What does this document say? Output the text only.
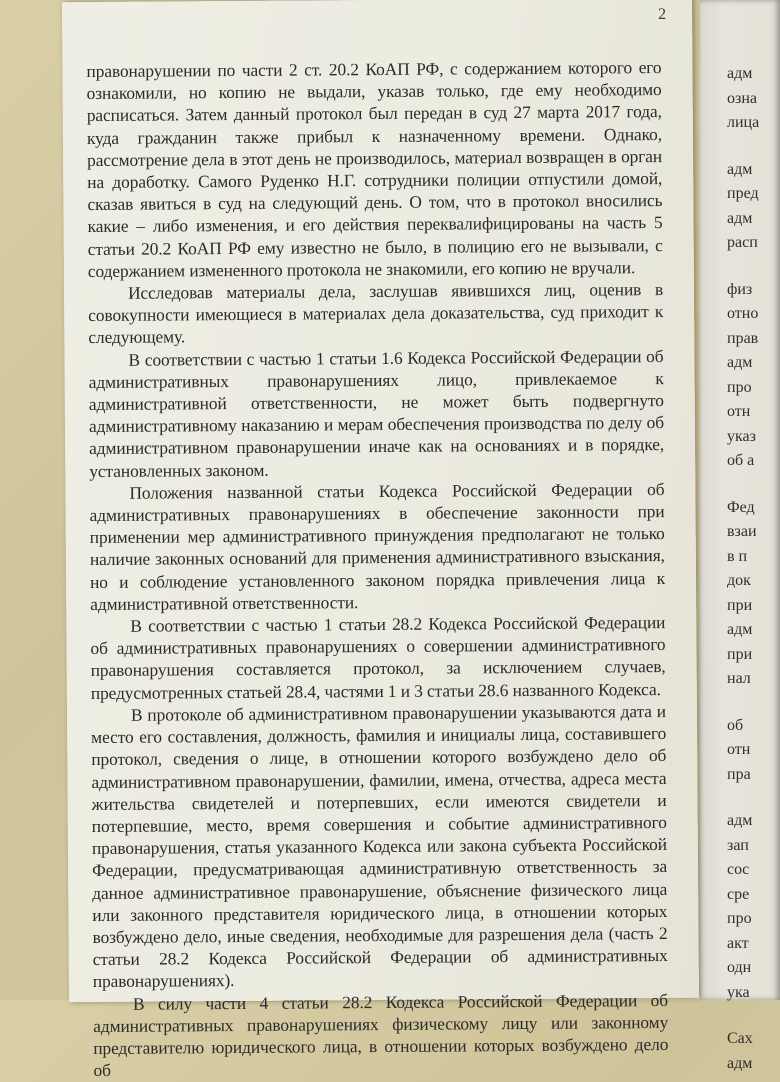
адм
озна
лица
адм
пред
адм
расп
физ
отно
прав
адм
про
отн
указ
об а
Фед
взаи
в п
док
при
адм
при
нал
об
отн
пра
адм
зап
coc
сре
про
акт
одн
ука
Сах
адм
2

правонарушении по части 2 ст. 20.2 КоАП РФ, с содержанием которого его ознакомили, но копию не выдали, указав только, где ему необходимо расписаться. Затем данный протокол был передан в суд 27 марта 2017 года, куда гражданин также прибыл к назначенному времени. Однако, рассмотрение дела в этот день не производилось, материал возвращен в орган на доработку. Самого Руденко Н.Г. сотрудники полиции отпустили домой, сказав явиться в суд на следующий день. О том, что в протокол вносились какие – либо изменения, и его действия переквалифицированы на часть 5 статьи 20.2 КоАП РФ ему известно не было, в полицию его не вызывали, с содержанием измененного протокола не знакомили, его копию не вручали.

Исследовав материалы дела, заслушав явившихся лиц, оценив в совокупности имеющиеся в материалах дела доказательства, суд приходит к следующему.

В соответствии с частью 1 статьи 1.6 Кодекса Российской Федерации об административных правонарушениях лицо, привлекаемое к административной ответственности, не может быть подвергнуто административному наказанию и мерам обеспечения производства по делу об административном правонарушении иначе как на основаниях и в порядке, установленных законом.

Положения названной статьи Кодекса Российской Федерации об административных правонарушениях в обеспечение законности при применении мер административного принуждения предполагают не только наличие законных оснований для применения административного взыскания, но и соблюдение установленного законом порядка привлечения лица к административной ответственности.

В соответствии с частью 1 статьи 28.2 Кодекса Российской Федерации об административных правонарушениях о совершении административного правонарушения составляется протокол, за исключением случаев, предусмотренных статьей 28.4, частями 1 и 3 статьи 28.6 названного Кодекса.

В протоколе об административном правонарушении указываются дата и место его составления, должность, фамилия и инициалы лица, составившего протокол, сведения о лице, в отношении которого возбуждено дело об административном правонарушении, фамилии, имена, отчества, адреса места жительства свидетелей и потерпевших, если имеются свидетели и потерпевшие, место, время совершения и событие административного правонарушения, статья указанного Кодекса или закона субъекта Российской Федерации, предусматривающая административную ответственность за данное административное правонарушение, объяснение физического лица или законного представителя юридического лица, в отношении которых возбуждено дело, иные сведения, необходимые для разрешения дела (часть 2 статьи 28.2 Кодекса Российской Федерации об административных правонарушениях).

В силу части 4 статьи 28.2 Кодекса Российской Федерации об административных правонарушениях физическому лицу или законному представителю юридического лица, в отношении которых возбуждено дело об
